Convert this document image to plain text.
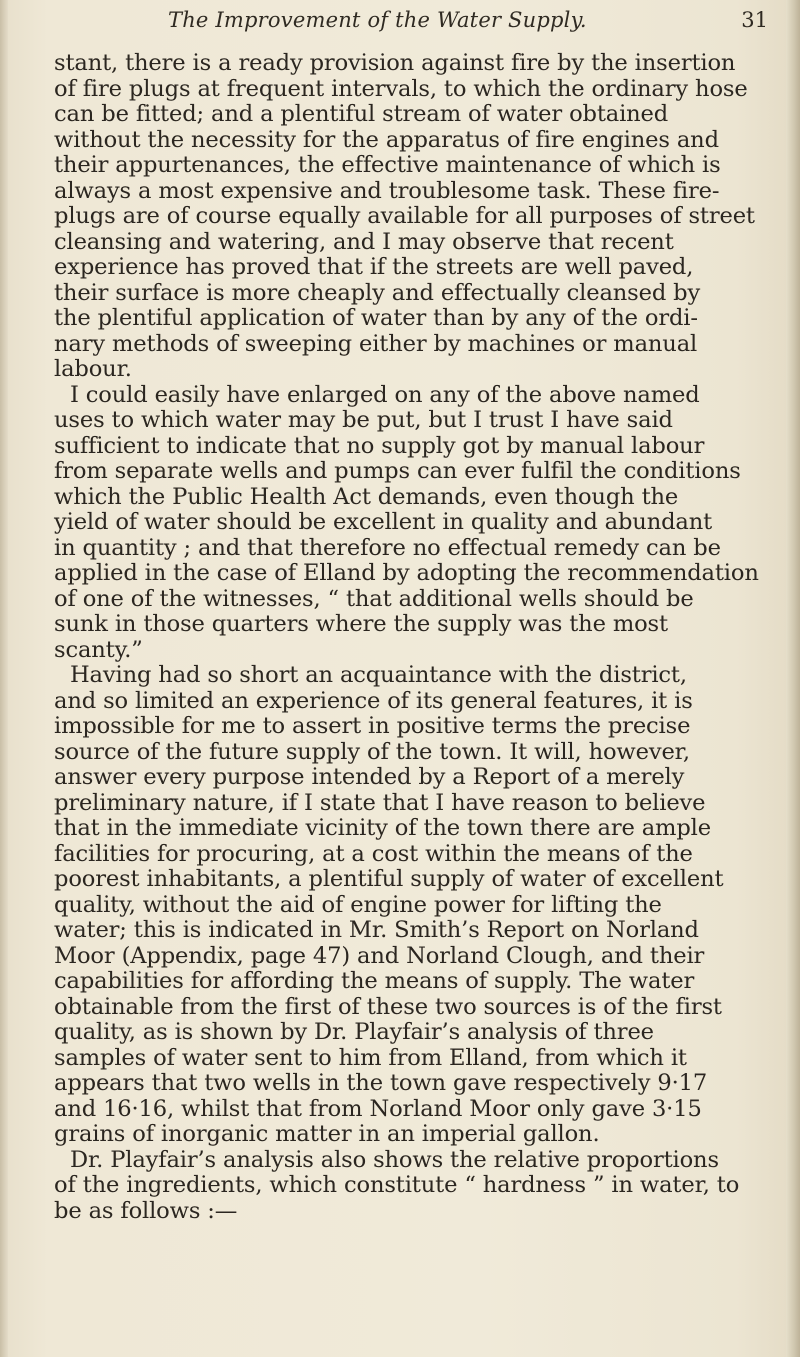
The Improvement of the Water Supply.	31
stant, there is a ready provision against fire by the insertion
of fire plugs at frequent intervals, to which the ordinary hose
can be fitted; and a plentiful stream of water obtained
without the necessity for the apparatus of fire engines and
their appurtenances, the effective maintenance of which is
always a most expensive and troublesome task. These fire-
plugs are of course equally available for all purposes of street
cleansing and watering, and I may observe that recent
experience has proved that if the streets are well paved,
their surface is more cheaply and effectually cleansed by
the plentiful application of water than by any of the ordi-
nary methods of sweeping either by machines or manual
labour.
I could easily have enlarged on any of the above named
uses to which water may be put, but I trust I have said
sufficient to indicate that no supply got by manual labour
from separate wells and pumps can ever fulfil the conditions
which the Public Health Act demands, even though the
yield of water should be excellent in quality and abundant
in quantity ; and that therefore no effectual remedy can be
applied in the case of Elland by adopting the recommendation
of one of the witnesses, “ that additional wells should be
sunk in those quarters where the supply was the most
scanty.”
Having had so short an acquaintance with the district,
and so limited an experience of its general features, it is
impossible for me to assert in positive terms the precise
source of the future supply of the town. It will, however,
answer every purpose intended by a Report of a merely
preliminary nature, if I state that I have reason to believe
that in the immediate vicinity of the town there are ample
facilities for procuring, at a cost within the means of the
poorest inhabitants, a plentiful supply of water of excellent
quality, without the aid of engine power for lifting the
water; this is indicated in Mr. Smith’s Report on Norland
Moor (Appendix, page 47) and Norland Clough, and their
capabilities for affording the means of supply. The water
obtainable from the first of these two sources is of the first
quality, as is shown by Dr. Playfair’s analysis of three
samples of water sent to him from Elland, from which it
appears that two wells in the town gave respectively 9·17
and 16·16, whilst that from Norland Moor only gave 3·15
grains of inorganic matter in an imperial gallon.
Dr. Playfair’s analysis also shows the relative proportions
of the ingredients, which constitute “ hardness ” in water, to
be as follows :—
